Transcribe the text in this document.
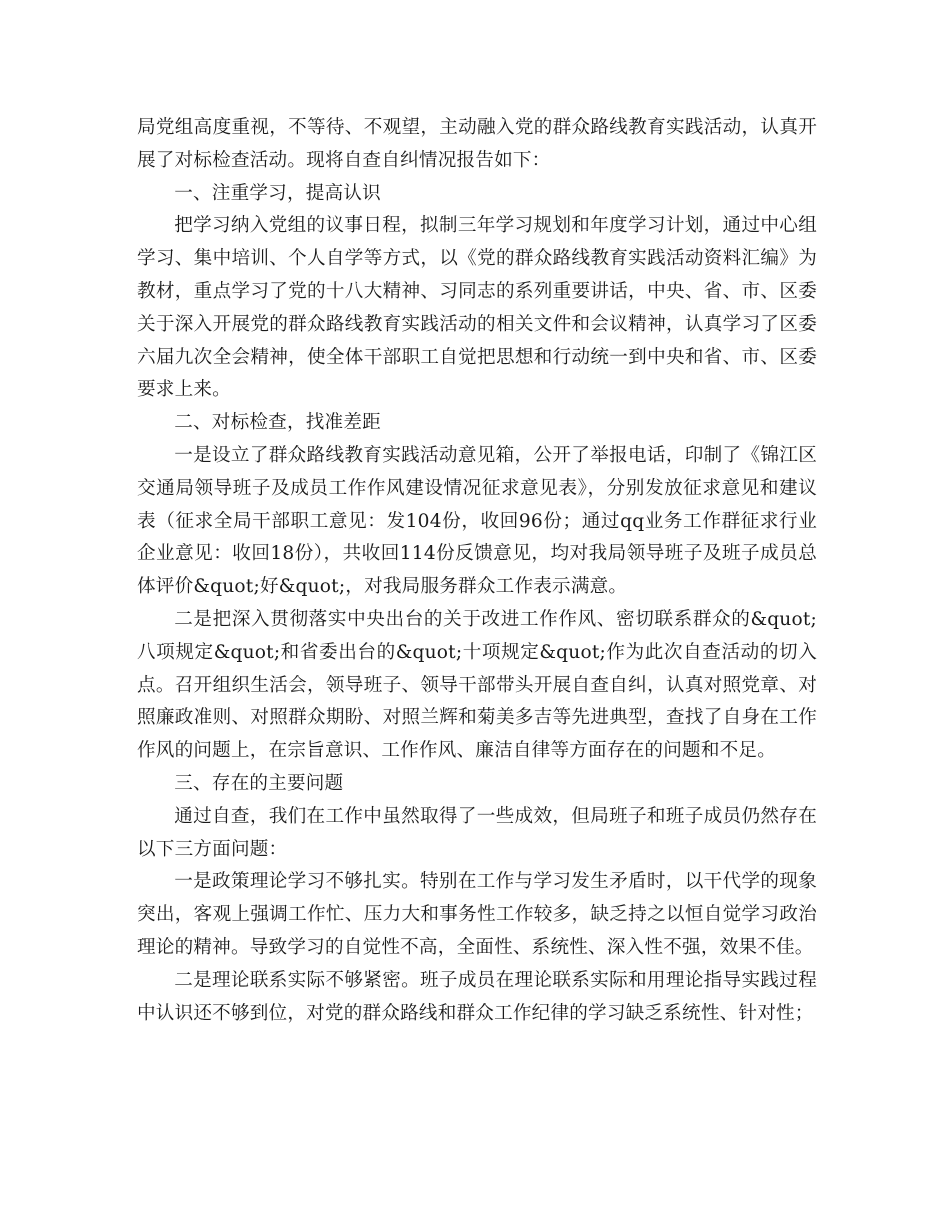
局党组高度重视，不等待、不观望，主动融入党的群众路线教育实践活动，认真开展了对标检查活动。现将自查自纠情况报告如下：

一、注重学习，提高认识

把学习纳入党组的议事日程，拟制三年学习规划和年度学习计划，通过中心组学习、集中培训、个人自学等方式，以《党的群众路线教育实践活动资料汇编》为教材，重点学习了党的十八大精神、习同志的系列重要讲话，中央、省、市、区委关于深入开展党的群众路线教育实践活动的相关文件和会议精神，认真学习了区委六届九次全会精神，使全体干部职工自觉把思想和行动统一到中央和省、市、区委要求上来。

二、对标检查，找准差距

一是设立了群众路线教育实践活动意见箱，公开了举报电话，印制了《锦江区交通局领导班子及成员工作作风建设情况征求意见表》，分别发放征求意见和建议表（征求全局干部职工意见：发104份，收回96份；通过qq业务工作群征求行业企业意见：收回18份），共收回114份反馈意见，均对我局领导班子及班子成员总体评价&quot;好&quot;，对我局服务群众工作表示满意。

二是把深入贯彻落实中央出台的关于改进工作作风、密切联系群众的&quot;八项规定&quot;和省委出台的&quot;十项规定&quot;作为此次自查活动的切入点。召开组织生活会，领导班子、领导干部带头开展自查自纠，认真对照党章、对照廉政准则、对照群众期盼、对照兰辉和菊美多吉等先进典型，查找了自身在工作作风的问题上，在宗旨意识、工作作风、廉洁自律等方面存在的问题和不足。

三、存在的主要问题

通过自查，我们在工作中虽然取得了一些成效，但局班子和班子成员仍然存在以下三方面问题：

一是政策理论学习不够扎实。特别在工作与学习发生矛盾时，以干代学的现象突出，客观上强调工作忙、压力大和事务性工作较多，缺乏持之以恒自觉学习政治理论的精神。导致学习的自觉性不高，全面性、系统性、深入性不强，效果不佳。

二是理论联系实际不够紧密。班子成员在理论联系实际和用理论指导实践过程中认识还不够到位，对党的群众路线和群众工作纪律的学习缺乏系统性、针对性；
